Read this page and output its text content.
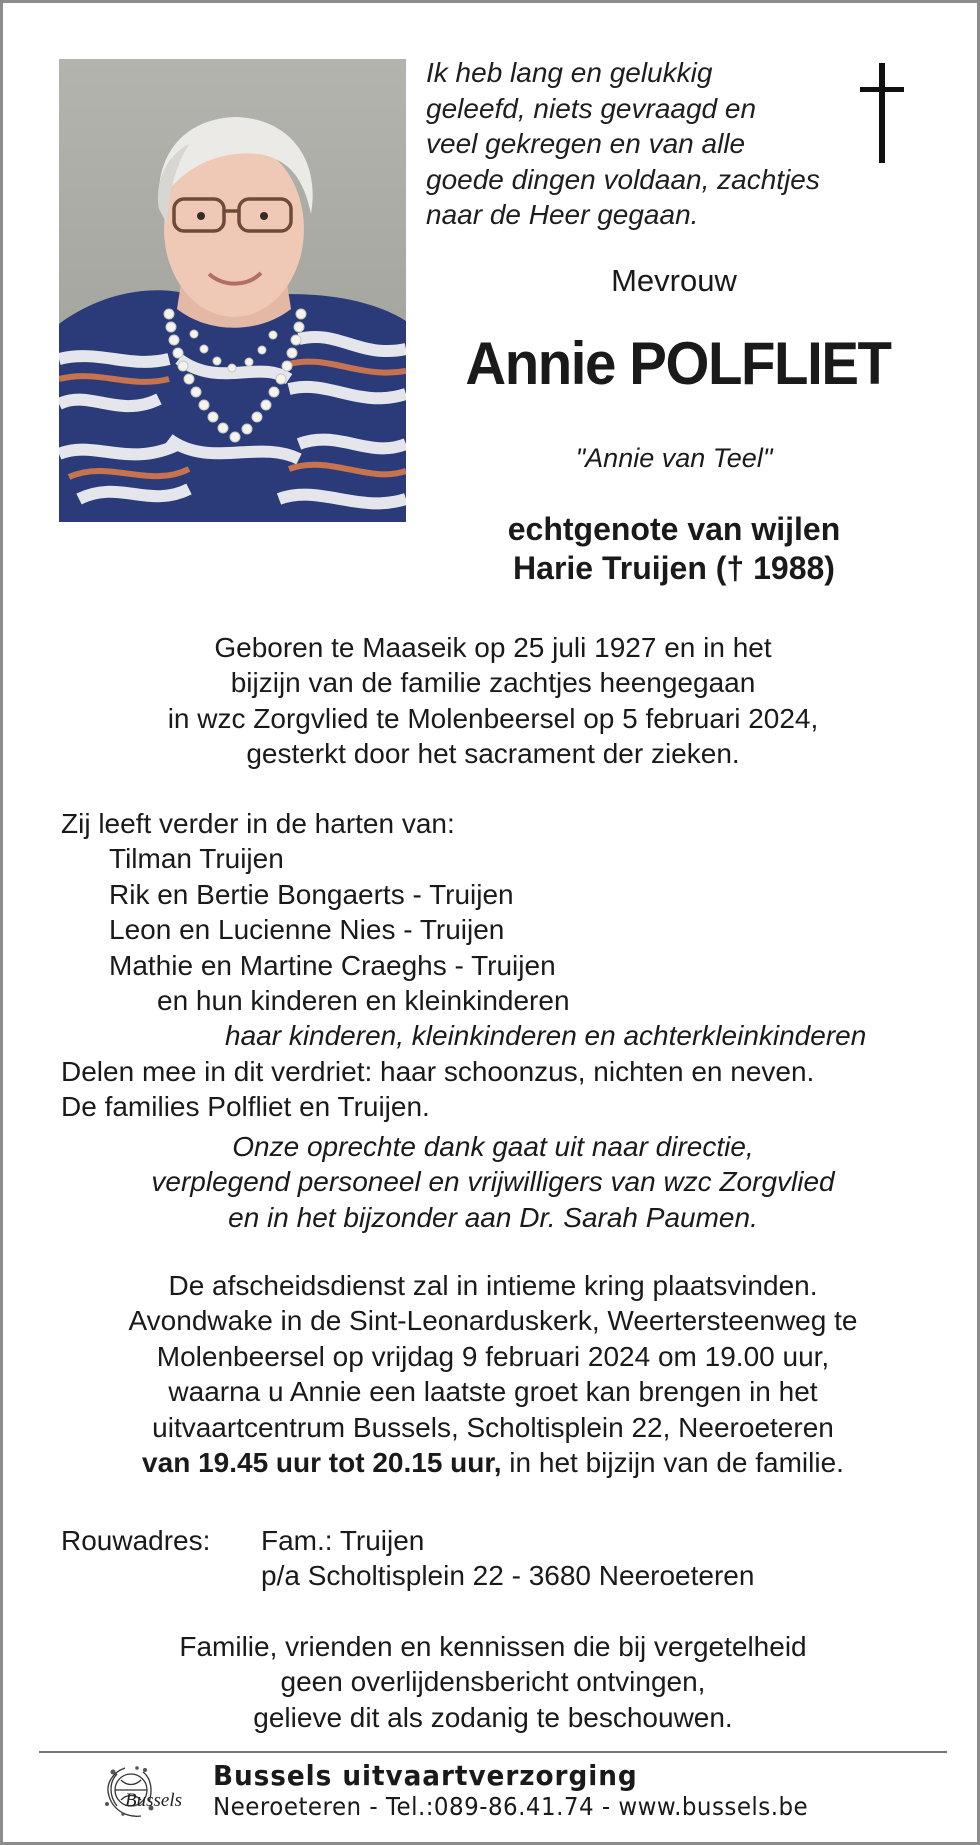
Ik heb lang en gelukkig
geleefd, niets gevraagd en
veel gekregen en van alle
goede dingen voldaan, zachtjes
naar de Heer gegaan.
Mevrouw
Annie POLFLIET
"Annie van Teel"
echtgenote van wijlen
Harie Truijen († 1988)
Geboren te Maaseik op 25 juli 1927 en in het
bijzijn van de familie zachtjes heengegaan
in wzc Zorgvlied te Molenbeersel op 5 februari 2024,
gesterkt door het sacrament der zieken.
Zij leeft verder in de harten van:
Tilman Truijen
Rik en Bertie Bongaerts - Truijen
Leon en Lucienne Nies - Truijen
Mathie en Martine Craeghs - Truijen
en hun kinderen en kleinkinderen
haar kinderen, kleinkinderen en achterkleinkinderen
Delen mee in dit verdriet: haar schoonzus, nichten en neven.
De families Polfliet en Truijen.
Onze oprechte dank gaat uit naar directie,
verplegend personeel en vrijwilligers van wzc Zorgvlied
en in het bijzonder aan Dr. Sarah Paumen.
De afscheidsdienst zal in intieme kring plaatsvinden.
Avondwake in de Sint-Leonarduskerk, Weertersteenweg te
Molenbeersel op vrijdag 9 februari 2024 om 19.00 uur,
waarna u Annie een laatste groet kan brengen in het
uitvaartcentrum Bussels, Scholtisplein 22, Neeroeteren
van 19.45 uur tot 20.15 uur, in het bijzijn van de familie.
Rouwadres: Fam.: Truijen
p/a Scholtisplein 22 - 3680 Neeroeteren
Familie, vrienden en kennissen die bij vergetelheid
geen overlijdensbericht ontvingen,
gelieve dit als zodanig te beschouwen.
Bussels
Bussels uitvaartverzorging
Neeroeteren - Tel.:089-86.41.74 - www.bussels.be
